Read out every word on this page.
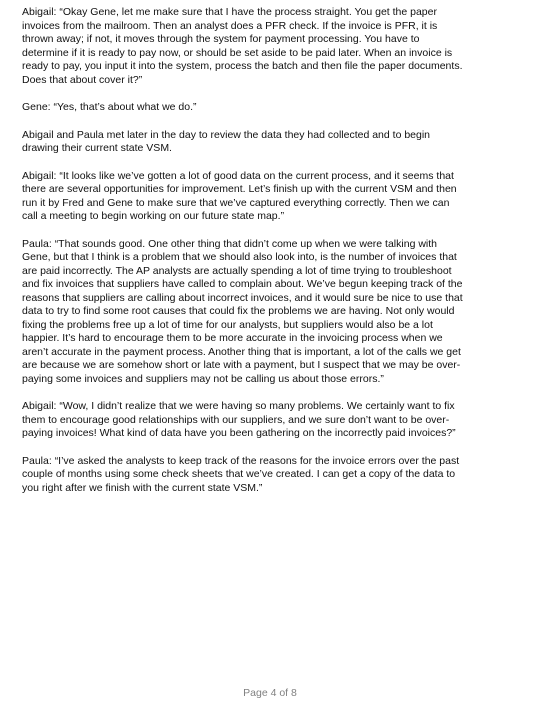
Abigail: “Okay Gene, let me make sure that I have the process straight. You get the paper
invoices from the mailroom. Then an analyst does a PFR check. If the invoice is PFR, it is
thrown away; if not, it moves through the system for payment processing. You have to
determine if it is ready to pay now, or should be set aside to be paid later. When an invoice is
ready to pay, you input it into the system, process the batch and then file the paper documents.
Does that about cover it?”

Gene: “Yes, that’s about what we do.”

Abigail and Paula met later in the day to review the data they had collected and to begin
drawing their current state VSM.

Abigail: “It looks like we’ve gotten a lot of good data on the current process, and it seems that
there are several opportunities for improvement. Let’s finish up with the current VSM and then
run it by Fred and Gene to make sure that we’ve captured everything correctly. Then we can
call a meeting to begin working on our future state map.”

Paula: “That sounds good. One other thing that didn’t come up when we were talking with
Gene, but that I think is a problem that we should also look into, is the number of invoices that
are paid incorrectly. The AP analysts are actually spending a lot of time trying to troubleshoot
and fix invoices that suppliers have called to complain about. We’ve begun keeping track of the
reasons that suppliers are calling about incorrect invoices, and it would sure be nice to use that
data to try to find some root causes that could fix the problems we are having. Not only would
fixing the problems free up a lot of time for our analysts, but suppliers would also be a lot
happier. It’s hard to encourage them to be more accurate in the invoicing process when we
aren’t accurate in the payment process. Another thing that is important, a lot of the calls we get
are because we are somehow short or late with a payment, but I suspect that we may be over-
paying some invoices and suppliers may not be calling us about those errors.”

Abigail: “Wow, I didn’t realize that we were having so many problems. We certainly want to fix
them to encourage good relationships with our suppliers, and we sure don’t want to be over-
paying invoices! What kind of data have you been gathering on the incorrectly paid invoices?”

Paula: “I’ve asked the analysts to keep track of the reasons for the invoice errors over the past
couple of months using some check sheets that we’ve created. I can get a copy of the data to
you right after we finish with the current state VSM.”

Page 4 of 8
